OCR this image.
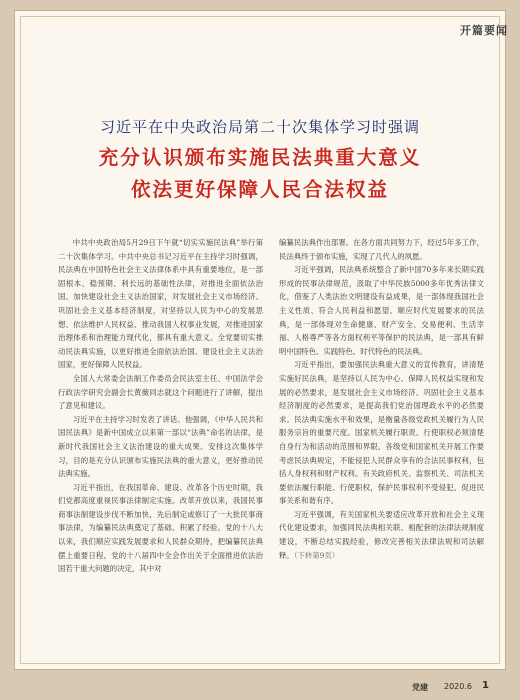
开篇要闻
习近平在中央政治局第二十次集体学习时强调
充分认识颁布实施民法典重大意义
依法更好保障人民合法权益

中共中央政治局5月29日下午就“切实实施民法典”举行第二十次集体学习。中共中央总书记习近平在主持学习时强调，民法典在中国特色社会主义法律体系中具有重要地位，是一部固根本、稳预期、利长远的基础性法律，对推进全面依法治国、加快建设社会主义法治国家，对发展社会主义市场经济、巩固社会主义基本经济制度，对坚持以人民为中心的发展思想、依法维护人民权益、推动我国人权事业发展，对推进国家治理体系和治理能力现代化，都具有重大意义。全党要切实推动民法典实施，以更好推进全面依法治国、建设社会主义法治国家，更好保障人民权益。

全国人大常委会法制工作委员会民法室主任、中国法学会行政法学研究会副会长黄薇同志就这个问题进行了讲解，提出了意见和建议。

习近平在主持学习时发表了讲话。他强调，《中华人民共和国民法典》是新中国成立以来第一部以“法典”命名的法律，是新时代我国社会主义法治建设的重大成果。安排这次集体学习，目的是充分认识颁布实施民法典的重大意义，更好推动民法典实施。

习近平指出，在我国革命、建设、改革各个历史时期，我们党都高度重视民事法律制定实施。改革开放以来，我国民事商事法制建设步伐不断加快，先后制定或修订了一大批民事商事法律，为编纂民法典奠定了基础、积累了经验。党的十八大以来，我们顺应实践发展要求和人民群众期待，把编纂民法典摆上重要日程。党的十八届四中全会作出关于全面推进依法治国若干重大问题的决定，其中对

编纂民法典作出部署。在各方面共同努力下，经过5年多工作，民法典终于颁布实施，实现了几代人的夙愿。

习近平强调，民法典系统整合了新中国70多年来长期实践形成的民事法律规范，汲取了中华民族5000多年优秀法律文化，借鉴了人类法治文明建设有益成果，是一部体现我国社会主义性质、符合人民利益和愿望、顺应时代发展要求的民法典，是一部体现对生命健康、财产安全、交易便利、生活幸福、人格尊严等各方面权利平等保护的民法典，是一部具有鲜明中国特色、实践特色、时代特色的民法典。

习近平指出，要加强民法典重大意义的宣传教育，讲清楚实施好民法典，是坚持以人民为中心、保障人民权益实现和发展的必然要求，是发展社会主义市场经济、巩固社会主义基本经济制度的必然要求，是提高我们党治国理政水平的必然要求。民法典实施水平和效果，是衡量各级党政机关履行为人民服务宗旨的重要尺度。国家机关履行职责、行使职权必须清楚自身行为和活动的范围和界限。各级党和国家机关开展工作要考虑民法典规定，不能侵犯人民群众享有的合法民事权利，包括人身权利和财产权利。有关政府机关、监察机关、司法机关要依法履行职能、行使职权，保护民事权利不受侵犯、促进民事关系和谐有序。

习近平强调，有关国家机关要适应改革开放和社会主义现代化建设要求，加强同民法典相关联、相配套的法律法规制度建设，不断总结实践经验，修改完善相关法律法规和司法解释。（下转第9页）

党建 2020.6 1
